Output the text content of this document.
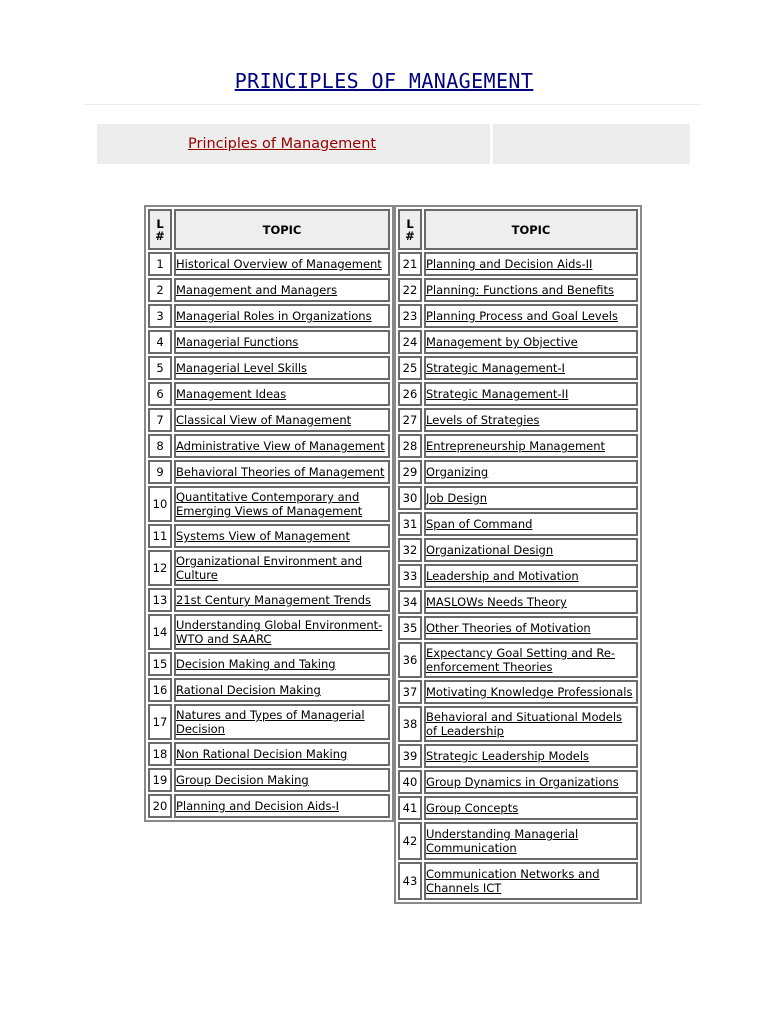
PRINCIPLES OF MANAGEMENT
Principles of Management
L
#	TOPIC
1	Historical Overview of Management
2	Management and Managers
3	Managerial Roles in Organizations
4	Managerial Functions
5	Managerial Level Skills
6	Management Ideas
7	Classical View of Management
8	Administrative View of Management
9	Behavioral Theories of Management
10	Quantitative Contemporary and Emerging Views of Management
11	Systems View of Management
12	Organizational Environment and Culture
13	21st Century Management Trends
14	Understanding Global Environment-WTO and SAARC
15	Decision Making and Taking
16	Rational Decision Making
17	Natures and Types of Managerial Decision
18	Non Rational Decision Making
19	Group Decision Making
20	Planning and Decision Aids-I
L
#	TOPIC
21	Planning and Decision Aids-II
22	Planning: Functions and Benefits
23	Planning Process and Goal Levels
24	Management by Objective
25	Strategic Management-I
26	Strategic Management-II
27	Levels of Strategies
28	Entrepreneurship Management
29	Organizing
30	Job Design
31	Span of Command
32	Organizational Design
33	Leadership and Motivation
34	MASLOWs Needs Theory
35	Other Theories of Motivation
36	Expectancy Goal Setting and Re-enforcement Theories
37	Motivating Knowledge Professionals
38	Behavioral and Situational Models of Leadership
39	Strategic Leadership Models
40	Group Dynamics in Organizations
41	Group Concepts
42	Understanding Managerial Communication
43	Communication Networks and Channels ICT
